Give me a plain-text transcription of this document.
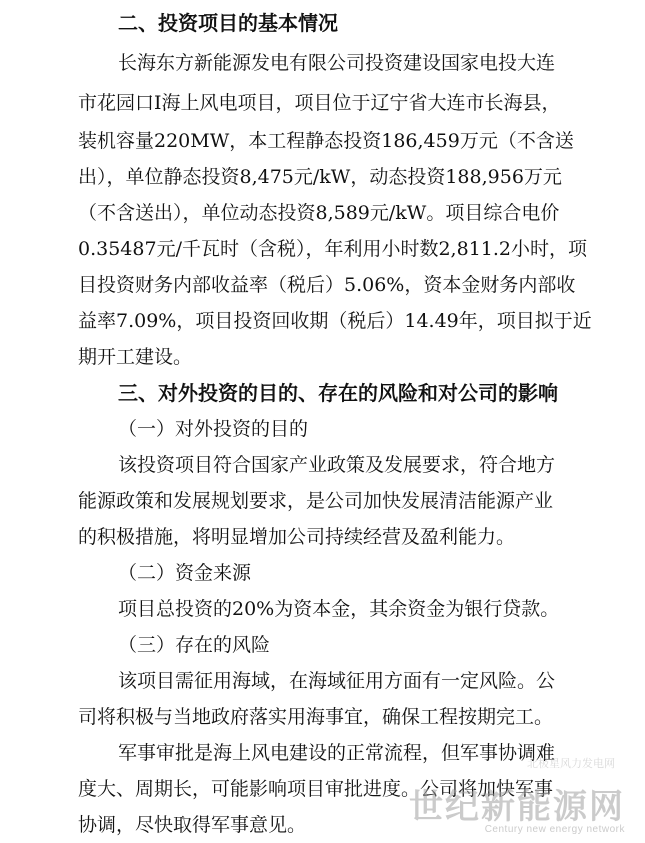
二、投资项目的基本情况
长海东方新能源发电有限公司投资建设国家电投大连
市花园口Ⅰ海上风电项目，项目位于辽宁省大连市长海县，
装机容量220MW，本工程静态投资186,459万元（不含送
出），单位静态投资8,475元/kW，动态投资188,956万元
（不含送出），单位动态投资8,589元/kW。项目综合电价
0.35487元/千瓦时（含税），年利用小时数2,811.2小时，项
目投资财务内部收益率（税后）5.06%，资本金财务内部收
益率7.09%，项目投资回收期（税后）14.49年，项目拟于近
期开工建设。
三、对外投资的目的、存在的风险和对公司的影响
（一）对外投资的目的
该投资项目符合国家产业政策及发展要求，符合地方
能源政策和发展规划要求，是公司加快发展清洁能源产业
的积极措施，将明显增加公司持续经营及盈利能力。
（二）资金来源
项目总投资的20%为资本金，其余资金为银行贷款。
（三）存在的风险
该项目需征用海域，在海域征用方面有一定风险。公
司将积极与当地政府落实用海事宜，确保工程按期完工。
军事审批是海上风电建设的正常流程，但军事协调难
度大、周期长，可能影响项目审批进度。公司将加快军事
协调，尽快取得军事意见。
北极星风力发电网
世纪新能源网
Century new energy network
